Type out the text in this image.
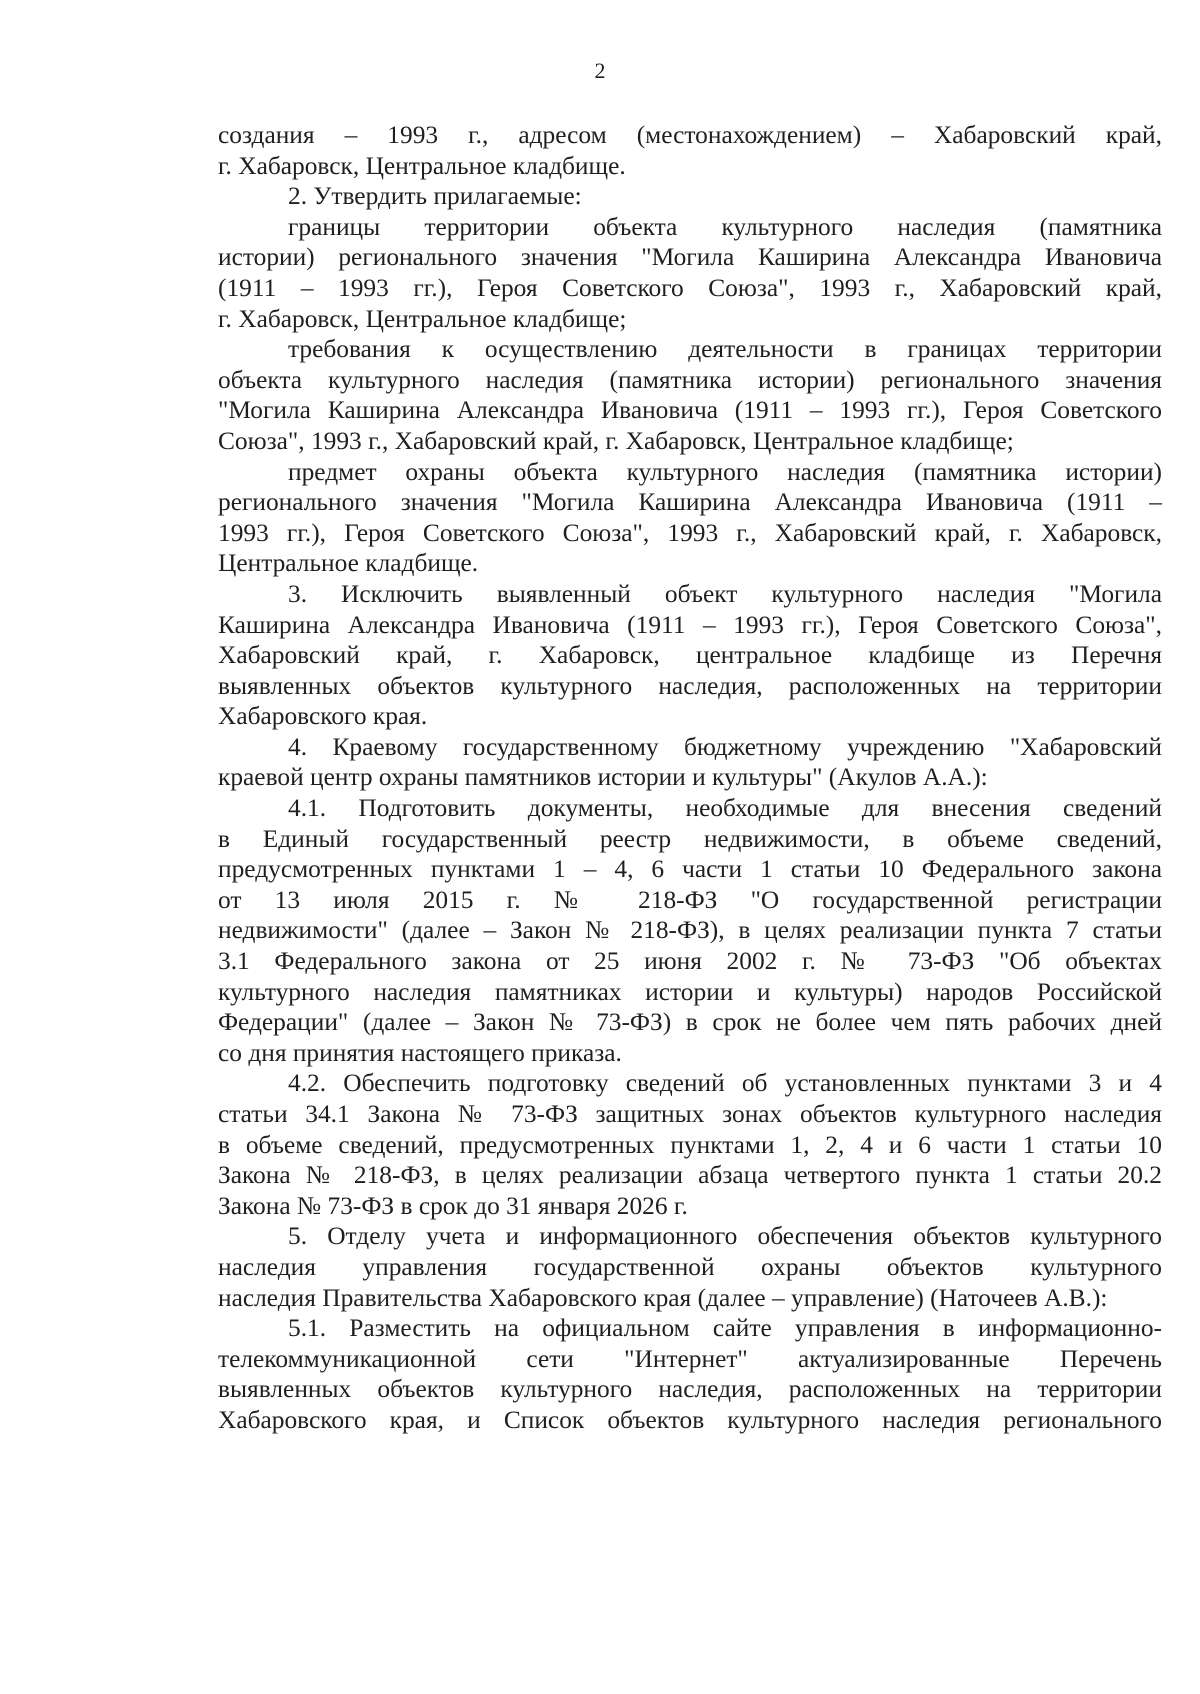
2
создания – 1993 г., адресом (местонахождением) – Хабаровский край,
г. Хабаровск, Центральное кладбище.
2. Утвердить прилагаемые:
границы территории объекта культурного наследия (памятника
истории) регионального значения "Могила Каширина Александра Ивановича
(1911 – 1993 гг.), Героя Советского Союза", 1993 г., Хабаровский край,
г. Хабаровск, Центральное кладбище;
требования к осуществлению деятельности в границах территории
объекта культурного наследия (памятника истории) регионального значения
"Могила Каширина Александра Ивановича (1911 – 1993 гг.), Героя Советского
Союза", 1993 г., Хабаровский край, г. Хабаровск, Центральное кладбище;
предмет охраны объекта культурного наследия (памятника истории)
регионального значения "Могила Каширина Александра Ивановича (1911 –
1993 гг.), Героя Советского Союза", 1993 г., Хабаровский край, г. Хабаровск,
Центральное кладбище.
3. Исключить выявленный объект культурного наследия "Могила
Каширина Александра Ивановича (1911 – 1993 гг.), Героя Советского Союза",
Хабаровский край, г. Хабаровск, центральное кладбище из Перечня
выявленных объектов культурного наследия, расположенных на территории
Хабаровского края.
4. Краевому государственному бюджетному учреждению "Хабаровский
краевой центр охраны памятников истории и культуры" (Акулов А.А.):
4.1. Подготовить документы, необходимые для внесения сведений
в Единый государственный реестр недвижимости, в объеме сведений,
предусмотренных пунктами 1 – 4, 6 части 1 статьи 10 Федерального закона
от 13 июля 2015 г. № 218-ФЗ "О государственной регистрации
недвижимости" (далее – Закон № 218-ФЗ), в целях реализации пункта 7 статьи
3.1 Федерального закона от 25 июня 2002 г. № 73-ФЗ "Об объектах
культурного наследия памятниках истории и культуры) народов Российской
Федерации" (далее – Закон № 73-ФЗ) в срок не более чем пять рабочих дней
со дня принятия настоящего приказа.
4.2. Обеспечить подготовку сведений об установленных пунктами 3 и 4
статьи 34.1 Закона № 73-ФЗ защитных зонах объектов культурного наследия
в объеме сведений, предусмотренных пунктами 1, 2, 4 и 6 части 1 статьи 10
Закона № 218-ФЗ, в целях реализации абзаца четвертого пункта 1 статьи 20.2
Закона № 73-ФЗ в срок до 31 января 2026 г.
5. Отделу учета и информационного обеспечения объектов культурного
наследия управления государственной охраны объектов культурного
наследия Правительства Хабаровского края (далее – управление) (Наточеев А.В.):
5.1. Разместить на официальном сайте управления в информационно-
телекоммуникационной сети "Интернет" актуализированные Перечень
выявленных объектов культурного наследия, расположенных на территории
Хабаровского края, и Список объектов культурного наследия регионального
